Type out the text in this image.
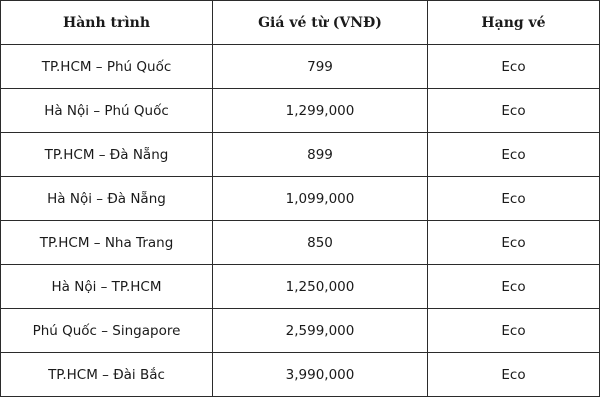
Hành trình	Giá vé từ (VNĐ)	Hạng vé
TP.HCM – Phú Quốc	799	Eco
Hà Nội – Phú Quốc	1,299,000	Eco
TP.HCM – Đà Nẵng	899	Eco
Hà Nội – Đà Nẵng	1,099,000	Eco
TP.HCM – Nha Trang	850	Eco
Hà Nội – TP.HCM	1,250,000	Eco
Phú Quốc – Singapore	2,599,000	Eco
TP.HCM – Đài Bắc	3,990,000	Eco
